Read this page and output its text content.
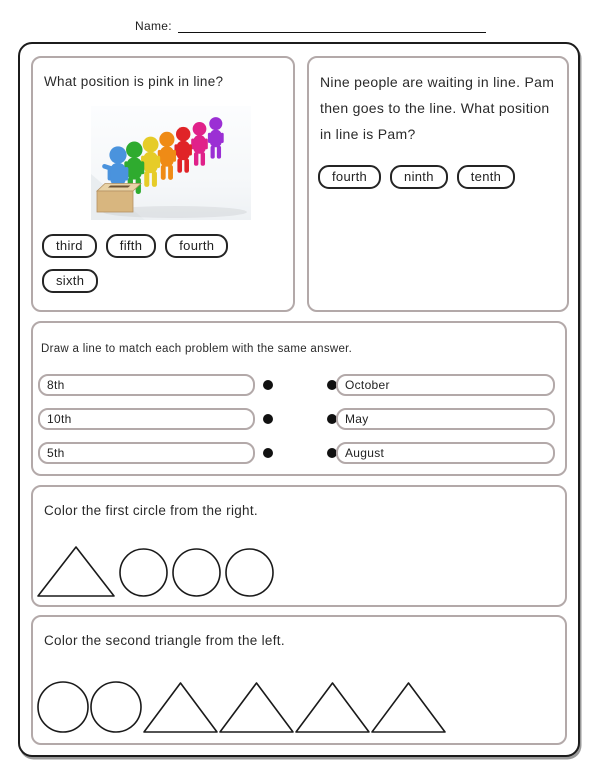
Name:
What position is pink in line?
third	fifth	fourth
sixth
Nine people are waiting in line. Pam then goes to the line. What position in line is Pam?
fourth	ninth	tenth
Draw a line to match each problem with the same answer.
8th	October
10th	May
5th	August
Color the first circle from the right.
Color the second triangle from the left.
